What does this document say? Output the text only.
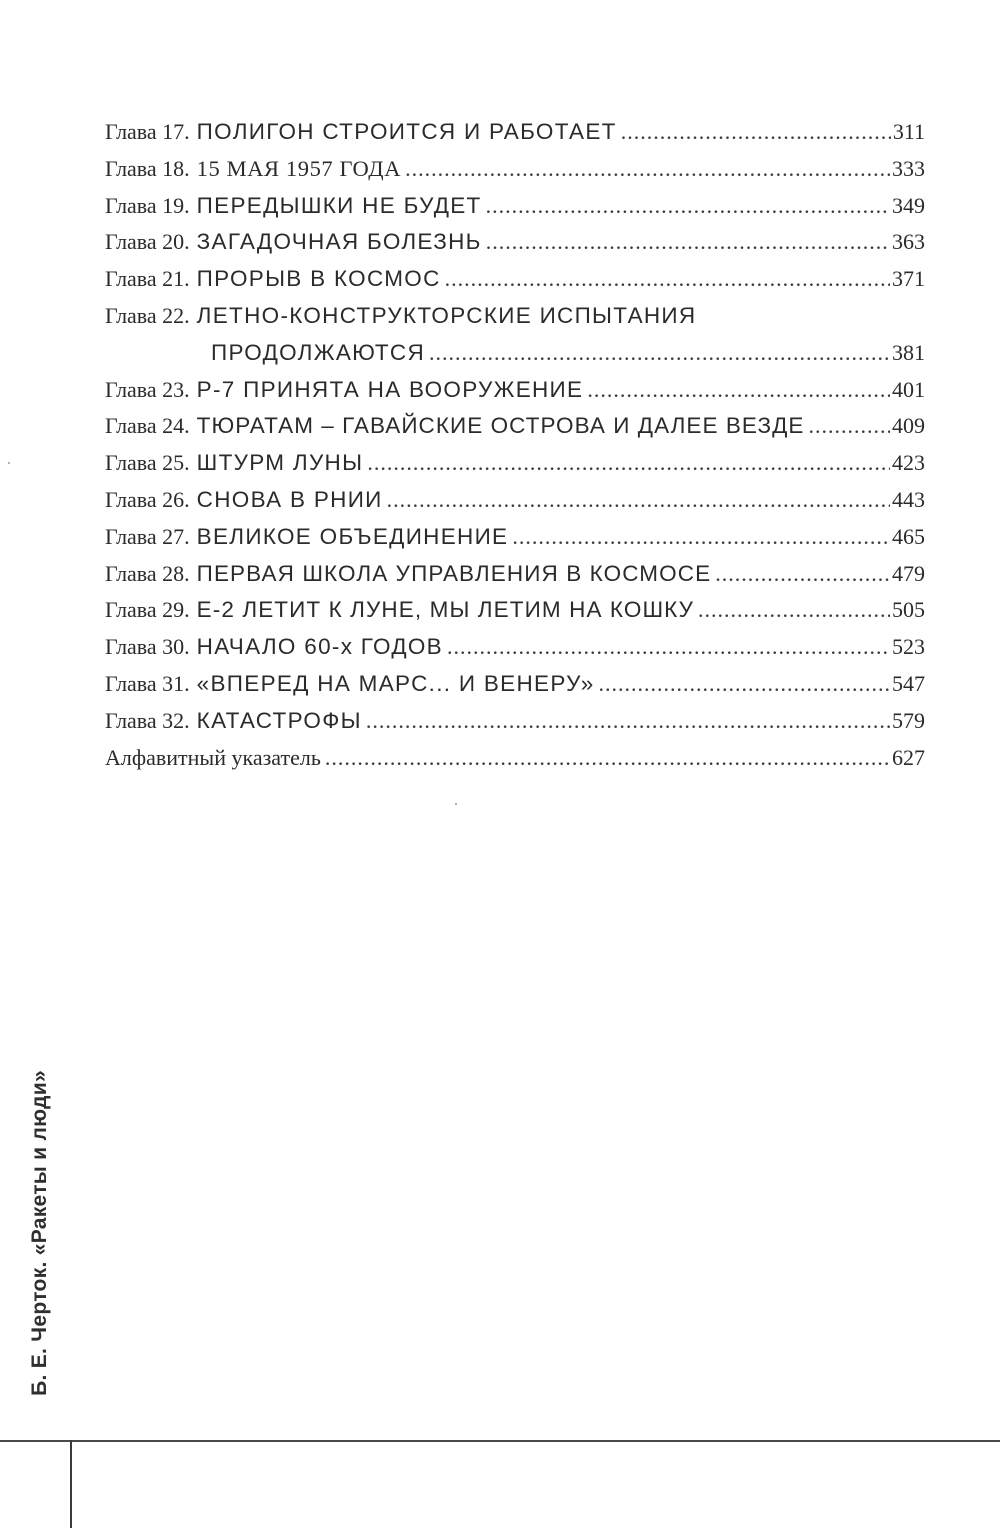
Глава 17. ПОЛИГОН СТРОИТСЯ И РАБОТАЕТ .....	311
Глава 18. 15 МАЯ 1957 ГОДА .....	333
Глава 19. ПЕРЕДЫШКИ НЕ БУДЕТ .....	349
Глава 20. ЗАГАДОЧНАЯ БОЛЕЗНЬ .....	363
Глава 21. ПРОРЫВ В КОСМОС .....	371
Глава 22. ЛЕТНО-КОНСТРУКТОРСКИЕ ИСПЫТАНИЯ
ПРОДОЛЖАЮТСЯ .....	381
Глава 23. Р-7 ПРИНЯТА НА ВООРУЖЕНИЕ .....	401
Глава 24. ТЮРАТАМ – ГАВАЙСКИЕ ОСТРОВА И ДАЛЕЕ ВЕЗДЕ .....	409
Глава 25. ШТУРМ ЛУНЫ .....	423
Глава 26. СНОВА В РНИИ .....	443
Глава 27. ВЕЛИКОЕ ОБЪЕДИНЕНИЕ .....	465
Глава 28. ПЕРВАЯ ШКОЛА УПРАВЛЕНИЯ В КОСМОСЕ .....	479
Глава 29. Е-2 ЛЕТИТ К ЛУНЕ, МЫ ЛЕТИМ НА КОШКУ .....	505
Глава 30. НАЧАЛО 60-х ГОДОВ .....	523
Глава 31. «ВПЕРЕД НА МАРС... И ВЕНЕРУ» .....	547
Глава 32. КАТАСТРОФЫ .....	579
Алфавитный указатель .....	627
Б. Е. Черток. «Ракеты и люди»
